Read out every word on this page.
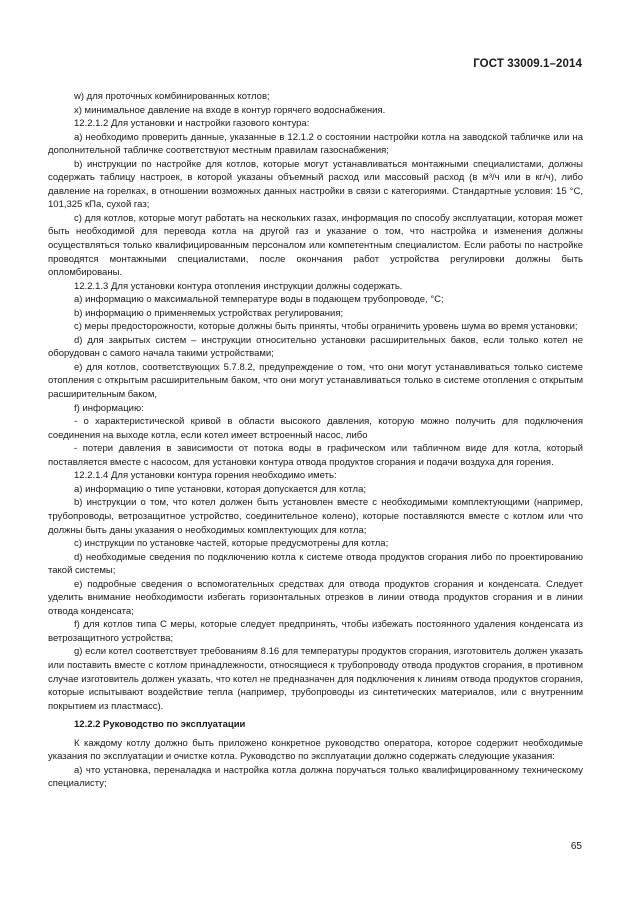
ГОСТ 33009.1–2014

w) для проточных комбинированных котлов;

x) минимальное давление на входе в контур горячего водоснабжения.

12.2.1.2 Для установки и настройки газового контура:

a) необходимо проверить данные, указанные в 12.1.2 о состоянии настройки котла на заводской табличке или на дополнительной табличке соответствуют местным правилам газоснабжения;

b) инструкции по настройке для котлов, которые могут устанавливаться монтажными специалистами, должны содержать таблицу настроек, в которой указаны объемный расход или массовый расход (в м³/ч или в кг/ч), либо давление на горелках, в отношении возможных данных настройки в связи с категориями. Стандартные условия: 15 °C, 101,325 кПа, сухой газ;

c) для котлов, которые могут работать на нескольких газах, информация по способу эксплуатации, которая может быть необходимой для перевода котла на другой газ и указание о том, что настройка и изменения должны осуществляться только квалифицированным персоналом или компетентным специалистом. Если работы по настройке проводятся монтажными специалистами, после окончания работ устройства регулировки должны быть опломбированы.

12.2.1.3 Для установки контура отопления инструкции должны содержать.

a) информацию о максимальной температуре воды в подающем трубопроводе, °C;

b) информацию о применяемых устройствах регулирования;

c) меры предосторожности, которые должны быть приняты, чтобы ограничить уровень шума во время установки;

d) для закрытых систем – инструкции относительно установки расширительных баков, если только котел не оборудован с самого начала такими устройствами;

e) для котлов, соответствующих 5.7.8.2, предупреждение о том, что они могут устанавливаться только системе отопления с открытым расширительным баком, что они могут устанавливаться только в системе отопления с открытым расширительным баком,

f) информацию:

- о характеристической кривой в области высокого давления, которую можно получить для подключения соединения на выходе котла, если котел имеет встроенный насос, либо

- потери давления в зависимости от потока воды в графическом или табличном виде для котла, который поставляется вместе с насосом, для установки контура отвода продуктов сгорания и подачи воздуха для горения.

12.2.1.4 Для установки контура горения необходимо иметь:

a) информацию о типе установки, которая допускается для котла;

b) инструкции о том, что котел должен быть установлен вместе с необходимыми комплектующими (например, трубопроводы, ветрозащитное устройство, соединительное колено), которые поставляются вместе с котлом или что должны быть даны указания о необходимых комплектующих для котла;

c) инструкции по установке частей, которые предусмотрены для котла;

d) необходимые сведения по подключению котла к системе отвода продуктов сгорания либо по проектированию такой системы;

e) подробные сведения о вспомогательных средствах для отвода продуктов сгорания и конденсата. Следует уделить внимание необходимости избегать горизонтальных отрезков в линии отвода продуктов сгорания и в линии отвода конденсата;

f) для котлов типа C меры, которые следует предпринять, чтобы избежать постоянного удаления конденсата из ветрозащитного устройства;

g) если котел соответствует требованиям 8.16 для температуры продуктов сгорания, изготовитель должен указать или поставить вместе с котлом принадлежности, относящиеся к трубопроводу отвода продуктов сгорания, в противном случае изготовитель должен указать, что котел не предназначен для подключения к линиям отвода продуктов сгорания, которые испытывают воздействие тепла (например, трубопроводы из синтетических материалов, или с внутренним покрытием из пластмасс).

12.2.2 Руководство по эксплуатации

К каждому котлу должно быть приложено конкретное руководство оператора, которое содержит необходимые указания по эксплуатации и очистке котла. Руководство по эксплуатации должно содержать следующие указания:

a) что установка, переналадка и настройка котла должна поручаться только квалифицированному техническому специалисту;

65
